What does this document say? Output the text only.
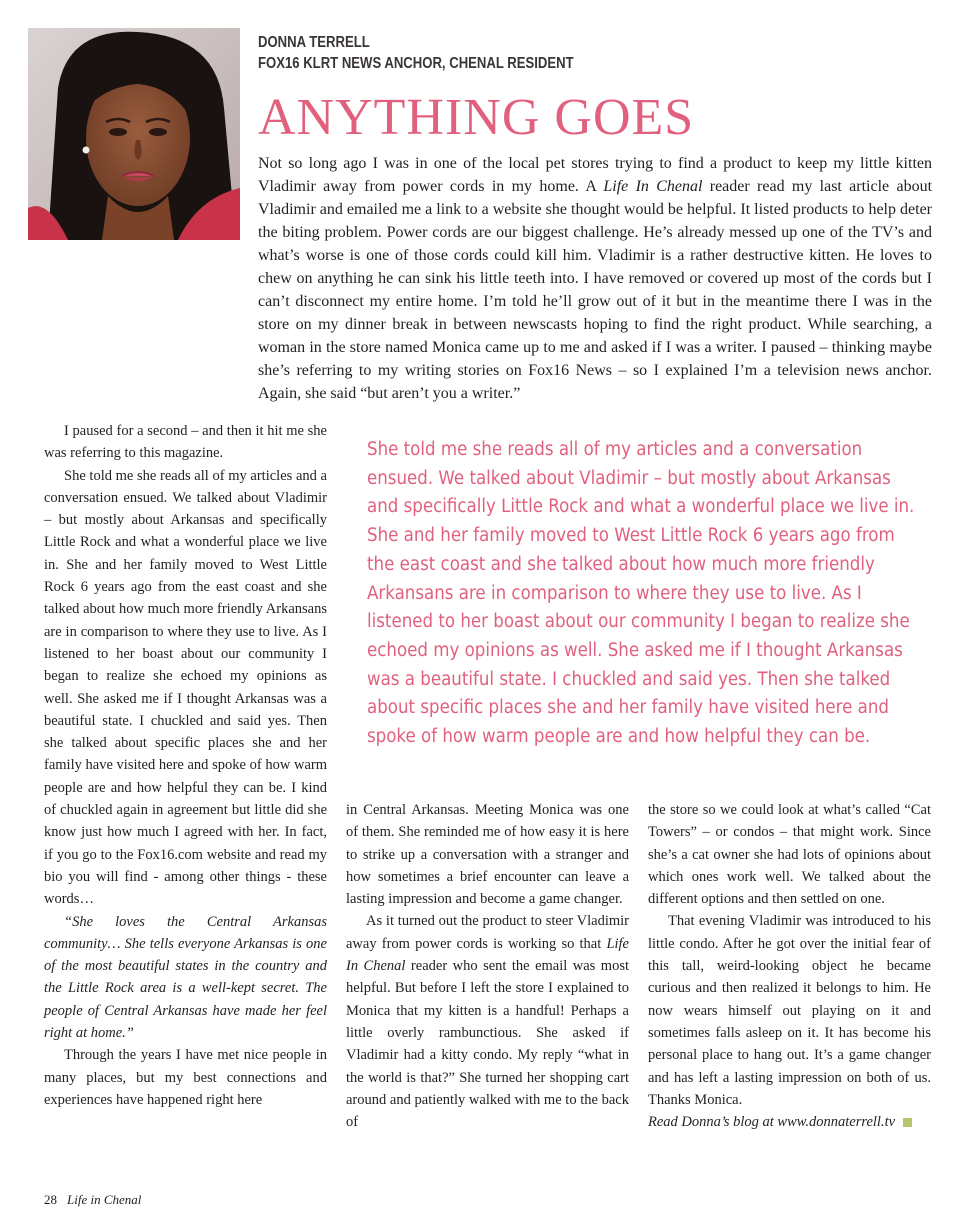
DONNA TERRELL
FOX16 KLRT NEWS ANCHOR, CHENAL RESIDENT
ANYTHING GOES

Not so long ago I was in one of the local pet stores trying to find a product to keep my little kitten Vladimir away from power cords in my home. A Life In Chenal reader read my last article about Vladimir and emailed me a link to a website she thought would be helpful. It listed products to help deter the biting problem. Power cords are our biggest challenge. He’s already messed up one of the TV’s and what’s worse is one of those cords could kill him. Vladimir is a rather destructive kitten. He loves to chew on anything he can sink his little teeth into. I have removed or covered up most of the cords but I can’t disconnect my entire home. I’m told he’ll grow out of it but in the meantime there I was in the store on my dinner break in between newscasts hoping to find the right product. While searching, a woman in the store named Monica came up to me and asked if I was a writer. I paused – thinking maybe she’s referring to my writing stories on Fox16 News – so I explained I’m a television news anchor. Again, she said “but aren’t you a writer.”

I paused for a second – and then it hit me she was referring to this magazine.

She told me she reads all of my articles and a conversation ensued. We talked about Vladimir – but mostly about Arkansas and specifically Little Rock and what a wonderful place we live in. She and her family moved to West Little Rock 6 years ago from the east coast and she talked about how much more friendly Arkansans are in comparison to where they use to live. As I listened to her boast about our community I began to realize she echoed my opinions as well. She asked me if I thought Arkansas was a beautiful state. I chuckled and said yes. Then she talked about specific places she and her family have visited here and spoke of how warm people are and how helpful they can be. I kind of chuckled again in agreement but little did she know just how much I agreed with her. In fact, if you go to the Fox16.com website and read my bio you will find - among other things - these words…

“She loves the Central Arkansas community… She tells everyone Arkansas is one of the most beautiful states in the country and the Little Rock area is a well-kept secret. The people of Central Arkansas have made her feel right at home.”

Through the years I have met nice people in many places, but my best connections and experiences have happened right here

She told me she reads all of my articles and a conversation ensued. We talked about Vladimir – but mostly about Arkansas and specifically Little Rock and what a wonderful place we live in. She and her family moved to West Little Rock 6 years ago from the east coast and she talked about how much more friendly Arkansans are in comparison to where they use to live. As I listened to her boast about our community I began to realize she echoed my opinions as well. She asked me if I thought Arkansas was a beautiful state. I chuckled and said yes. Then she talked about specific places she and her family have visited here and spoke of how warm people are and how helpful they can be.

in Central Arkansas. Meeting Monica was one of them. She reminded me of how easy it is here to strike up a conversation with a stranger and how sometimes a brief encounter can leave a lasting impression and become a game changer.

As it turned out the product to steer Vladimir away from power cords is working so that Life In Chenal reader who sent the email was most helpful. But before I left the store I explained to Monica that my kitten is a handful! Perhaps a little overly rambunctious. She asked if Vladimir had a kitty condo. My reply “what in the world is that?” She turned her shopping cart around and patiently walked with me to the back of

the store so we could look at what’s called “Cat Towers” – or condos – that might work. Since she’s a cat owner she had lots of opinions about which ones work well. We talked about the different options and then settled on one.

That evening Vladimir was introduced to his little condo. After he got over the initial fear of this tall, weird-looking object he became curious and then realized it belongs to him. He now wears himself out playing on it and sometimes falls asleep on it. It has become his personal place to hang out. It’s a game changer and has left a lasting impression on both of us. Thanks Monica.

Read Donna’s blog at www.donnaterrell.tv

28 Life in Chenal
